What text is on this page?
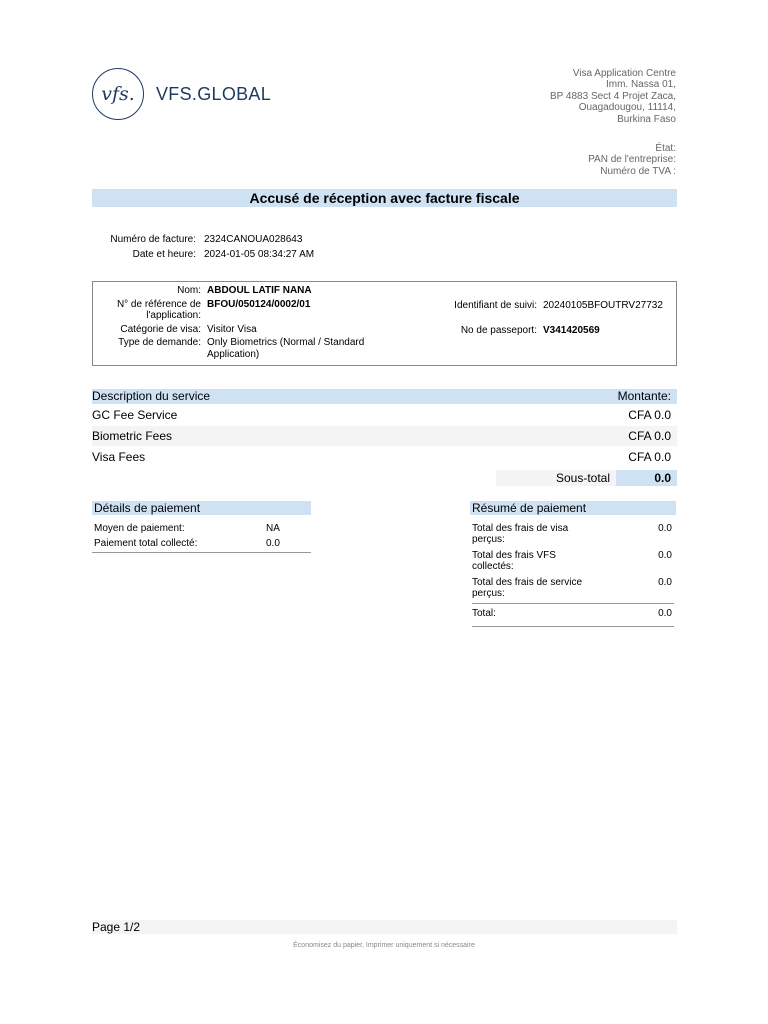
vfs.	VFS.GLOBAL
Visa Application Centre
Imm. Nassa 01,
BP 4883 Sect 4 Projet Zaca,
Ouagadougou, 11114,
Burkina Faso
État:
PAN de l'entreprise:
Numéro de TVA :
Accusé de réception avec facture fiscale
Numéro de facture: 2324CANOUA028643
Date et heure: 2024-01-05 08:34:27 AM
Nom: ABDOUL LATIF NANA
N° de référence de l'application:
BFOU/050124/0002/01
Catégorie de visa: Visitor Visa
Type de demande: Only Biometrics (Normal / Standard Application)
Identifiant de suivi: 20240105BFOUTRV27732
No de passeport: V341420569
Description du service	Montante:
GC Fee Service	CFA 0.0
Biometric Fees	CFA 0.0
Visa Fees	CFA 0.0
Sous-total	0.0
Détails de paiement
Moyen de paiement:	NA
Paiement total collecté:	0.0
Résumé de paiement
Total des frais de visa perçus:
0.0
Total des frais VFS collectés:
0.0
Total des frais de service perçus:
0.0
Total:	0.0
Page 1/2
Économisez du papier, Imprimer uniquement si nécessaire
